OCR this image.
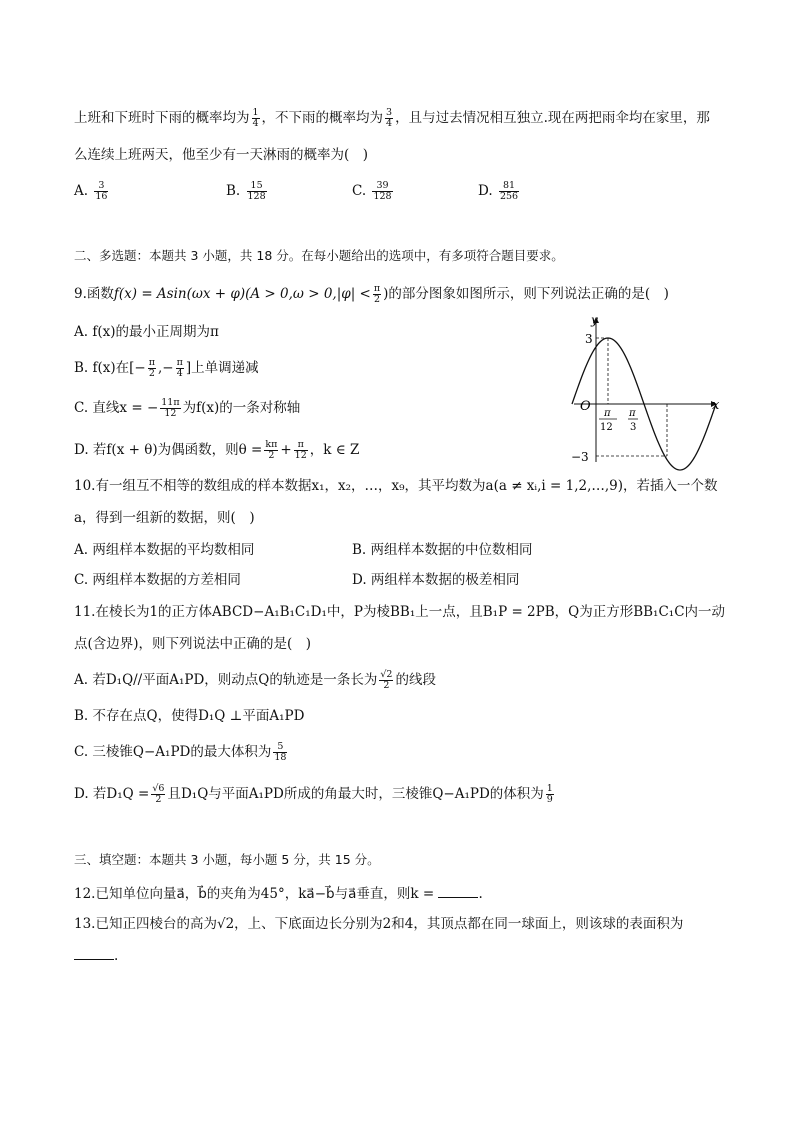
上班和下班时下雨的概率均为 $\frac{1}{4}$ ，不下雨的概率均为 $\frac{3}{4}$ ，且与过去情况相互独立.现在两把雨伞均在家里，那
么连续上班两天，他至少有一天淋雨的概率为(　)
A. $\frac{3}{16}$	B. $\frac{15}{128}$	C. $\frac{39}{128}$	D. $\frac{81}{256}$
二、多选题：本题共 3 小题，共 18 分。在每小题给出的选项中，有多项符合题目要求。
9.函数$f(x) = Asin(\omega x + \varphi)(A > 0,\omega > 0,|\varphi| < \frac{\pi}{2}$ )的部分图象如图所示，则下列说法正确的是(　)
A. f(x)的最小正周期为π
B. f(x)在[− $\frac{\pi}{2}$ ,− $\frac{\pi}{4}$ ]上单调递减
C. 直线x = − $\frac{11\pi}{12}$ 为f(x)的一条对称轴
D. 若f(x + θ)为偶函数，则$\theta = \frac{k\pi}{2} + \frac{\pi}{12}$ ，k ∈ Z
y
x
O
3
−3
π
12
π
3
10.有一组互不相等的数组成的样本数据x₁，x₂，…，x₉，其平均数为a(a ≠ xᵢ,i = 1,2,…,9)，若插入一个数
a，得到一组新的数据，则(　)
A. 两组样本数据的平均数相同	B. 两组样本数据的中位数相同
C. 两组样本数据的方差相同	D. 两组样本数据的极差相同
11.在棱长为1的正方体ABCD−A₁B₁C₁D₁中，P为棱BB₁上一点，且B₁P = 2PB，Q为正方形BB₁C₁C内一动
点(含边界)，则下列说法中正确的是(　)
A. 若D₁Q//平面A₁PD，则动点Q的轨迹是一条长为 $\frac{√2}{2}$ 的线段
B. 不存在点Q，使得D₁Q ⊥平面A₁PD
C. 三棱锥Q−A₁PD的最大体积为 $\frac{5}{18}$
D. 若$D_1Q = \frac{√6}{2}$ 且D₁Q与平面A₁PD所成的角最大时，三棱锥Q−A₁PD的体积为 $\frac{1}{9}$
三、填空题：本题共 3 小题，每小题 5 分，共 15 分。
12.已知单位向量a⃗，b⃗的夹角为45°，ka⃗−b⃗与a⃗垂直，则k =	.
13.已知正四棱台的高为√2，上、下底面边长分别为2和4，其顶点都在同一球面上，则该球的表面积为
.
